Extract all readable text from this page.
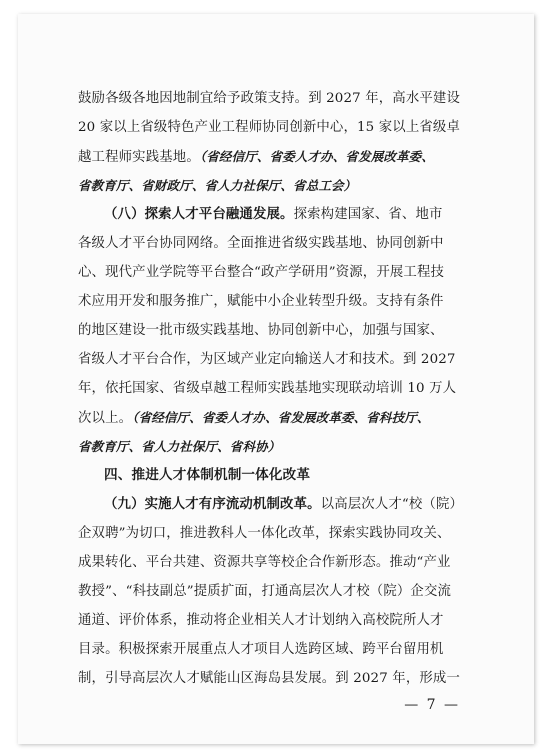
鼓励各级各地因地制宜给予政策支持。到 2027 年，高水平建设
20 家以上省级特色产业工程师协同创新中心，15 家以上省级卓
越工程师实践基地。（省经信厅、省委人才办、省发展改革委、
省教育厅、省财政厅、省人力社保厅、省总工会）
（八）探索人才平台融通发展。探索构建国家、省、地市
各级人才平台协同网络。全面推进省级实践基地、协同创新中
心、现代产业学院等平台整合“政产学研用”资源，开展工程技
术应用开发和服务推广，赋能中小企业转型升级。支持有条件
的地区建设一批市级实践基地、协同创新中心，加强与国家、
省级人才平台合作，为区域产业定向输送人才和技术。到 2027
年，依托国家、省级卓越工程师实践基地实现联动培训 10 万人
次以上。（省经信厅、省委人才办、省发展改革委、省科技厅、
省教育厅、省人力社保厅、省科协）
四、推进人才体制机制一体化改革
（九）实施人才有序流动机制改革。以高层次人才“校（院）
企双聘”为切口，推进教科人一体化改革，探索实践协同攻关、
成果转化、平台共建、资源共享等校企合作新形态。推动“产业
教授”、“科技副总”提质扩面，打通高层次人才校（院）企交流
通道、评价体系，推动将企业相关人才计划纳入高校院所人才
目录。积极探索开展重点人才项目人选跨区域、跨平台留用机
制，引导高层次人才赋能山区海岛县发展。到 2027 年，形成一
— 7 —
